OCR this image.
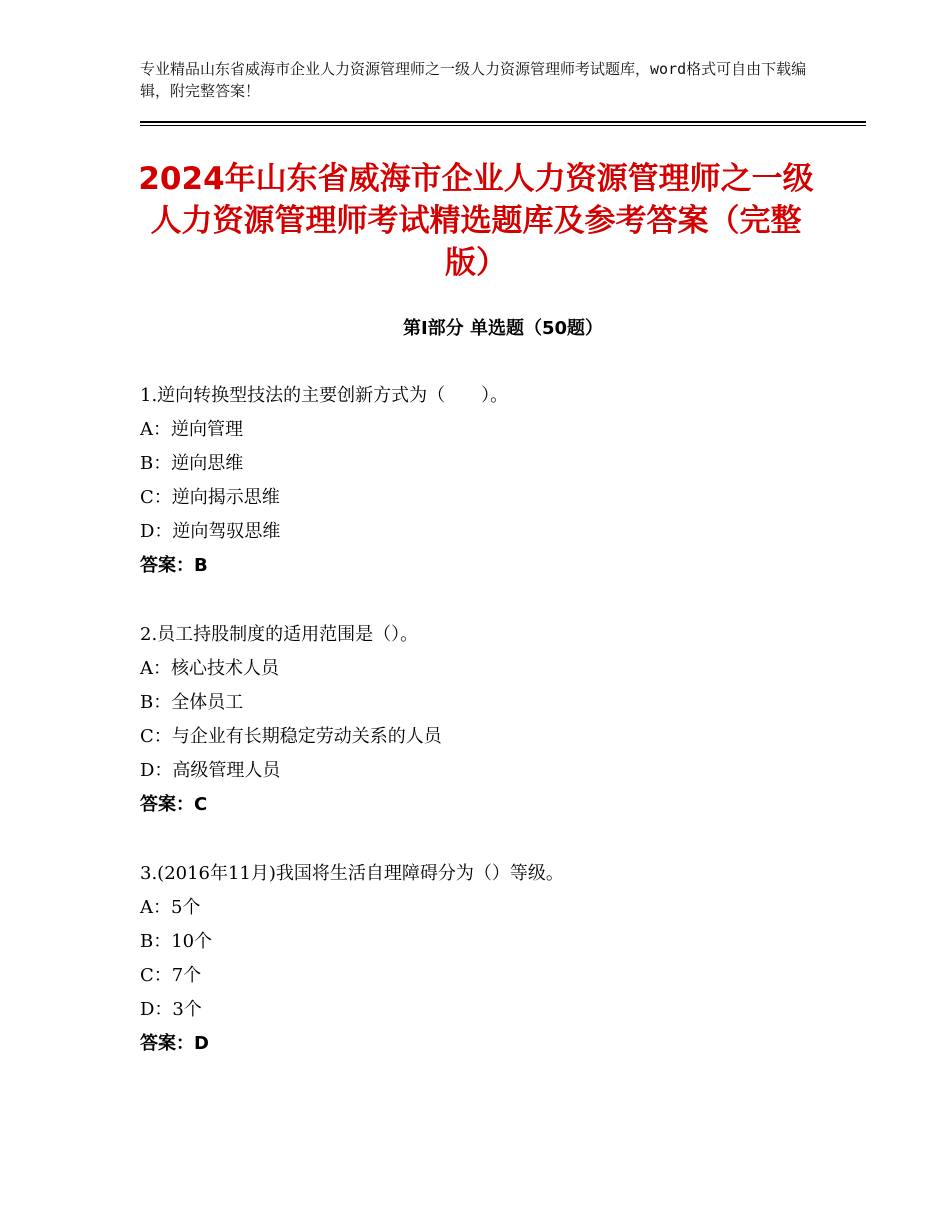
专业精品山东省威海市企业人力资源管理师之一级人力资源管理师考试题库，word格式可自由下载编辑，附完整答案！
2024年山东省威海市企业人力资源管理师之一级人力资源管理师考试精选题库及参考答案（完整版）
第Ⅰ部分 单选题（50题）
1.逆向转换型技法的主要创新方式为（　　）。
A：逆向管理
B：逆向思维
C：逆向揭示思维
D：逆向驾驭思维
答案：B
2.员工持股制度的适用范围是（）。
A：核心技术人员
B：全体员工
C：与企业有长期稳定劳动关系的人员
D：高级管理人员
答案：C
3.(2016年11月)我国将生活自理障碍分为（）等级。
A：5个
B：10个
C：7个
D：3个
答案：D
